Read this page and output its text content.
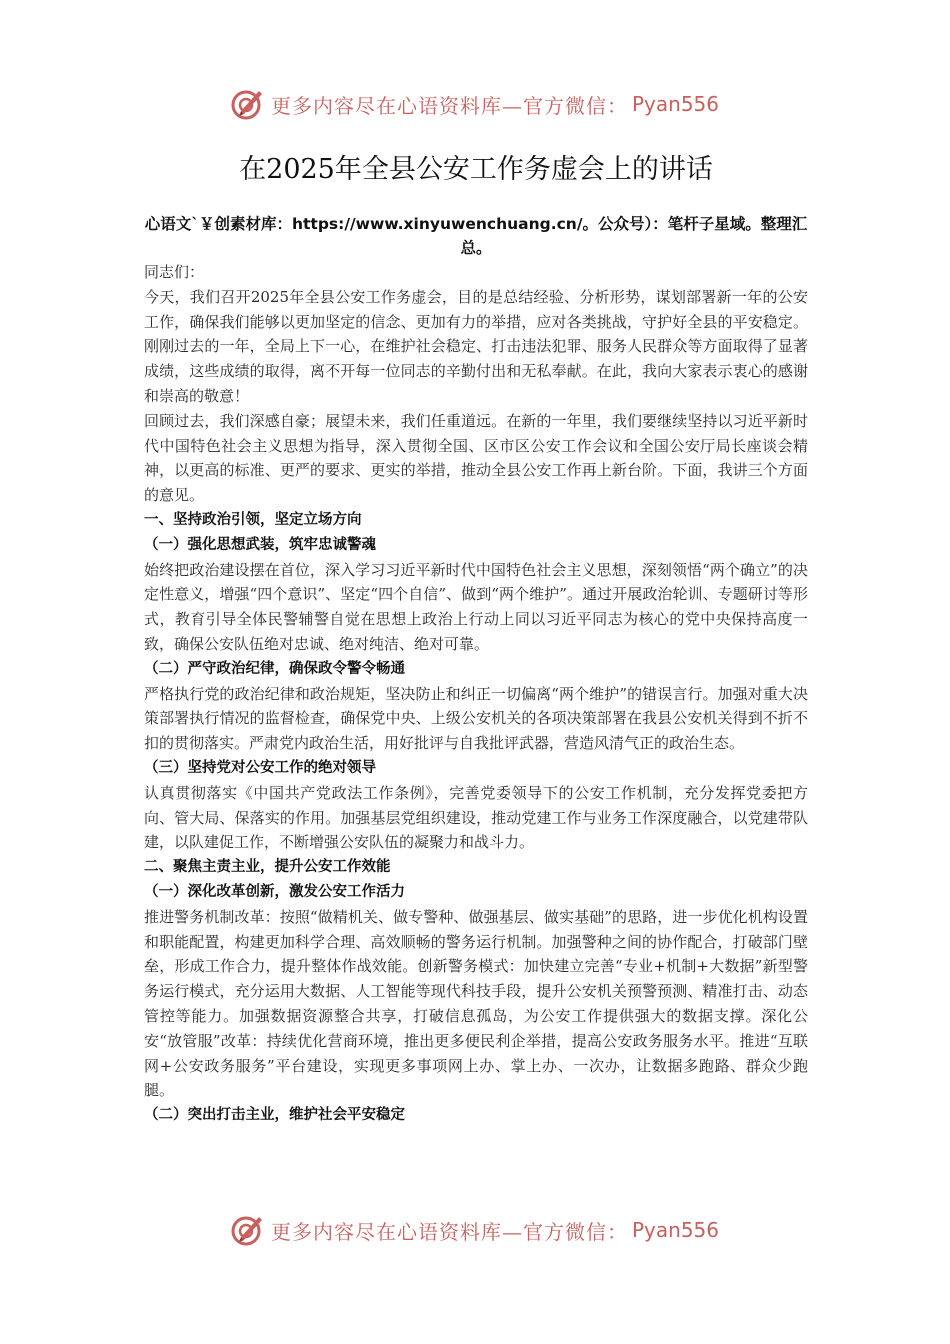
更多内容尽在心语资料库—官方微信： Pyan556
在2025年全县公安工作务虚会上的讲话
心语文`￥创素材库：https://www.xinyuwenchuang.cn/。公众号）：笔杆子星域。整理汇总。

同志们：

今天，我们召开2025年全县公安工作务虚会，目的是总结经验、分析形势，谋划部署新一年的公安工作，确保我们能够以更加坚定的信念、更加有力的举措，应对各类挑战，守护好全县的平安稳定。刚刚过去的一年，全局上下一心，在维护社会稳定、打击违法犯罪、服务人民群众等方面取得了显著成绩，这些成绩的取得，离不开每一位同志的辛勤付出和无私奉献。在此，我向大家表示衷心的感谢和崇高的敬意！

回顾过去，我们深感自豪；展望未来，我们任重道远。在新的一年里，我们要继续坚持以习近平新时代中国特色社会主义思想为指导，深入贯彻全国、区市区公安工作会议和全国公安厅局长座谈会精神，以更高的标准、更严的要求、更实的举措，推动全县公安工作再上新台阶。下面，我讲三个方面的意见。

一、坚持政治引领，坚定立场方向

（一）强化思想武装，筑牢忠诚警魂

始终把政治建设摆在首位，深入学习习近平新时代中国特色社会主义思想，深刻领悟“两个确立”的决定性意义，增强“四个意识”、坚定“四个自信”、做到“两个维护”。通过开展政治轮训、专题研讨等形式，教育引导全体民警辅警自觉在思想上政治上行动上同以习近平同志为核心的党中央保持高度一致，确保公安队伍绝对忠诚、绝对纯洁、绝对可靠。

（二）严守政治纪律，确保政令警令畅通

严格执行党的政治纪律和政治规矩，坚决防止和纠正一切偏离“两个维护”的错误言行。加强对重大决策部署执行情况的监督检查，确保党中央、上级公安机关的各项决策部署在我县公安机关得到不折不扣的贯彻落实。严肃党内政治生活，用好批评与自我批评武器，营造风清气正的政治生态。

（三）坚持党对公安工作的绝对领导

认真贯彻落实《中国共产党政法工作条例》，完善党委领导下的公安工作机制，充分发挥党委把方向、管大局、保落实的作用。加强基层党组织建设，推动党建工作与业务工作深度融合，以党建带队建，以队建促工作，不断增强公安队伍的凝聚力和战斗力。

二、聚焦主责主业，提升公安工作效能

（一）深化改革创新，激发公安工作活力

推进警务机制改革：按照“做精机关、做专警种、做强基层、做实基础”的思路，进一步优化机构设置和职能配置，构建更加科学合理、高效顺畅的警务运行机制。加强警种之间的协作配合，打破部门壁垒，形成工作合力，提升整体作战效能。创新警务模式：加快建立完善“专业+机制+大数据”新型警务运行模式，充分运用大数据、人工智能等现代科技手段，提升公安机关预警预测、精准打击、动态管控等能力。加强数据资源整合共享，打破信息孤岛，为公安工作提供强大的数据支撑。深化公安“放管服”改革：持续优化营商环境，推出更多便民利企举措，提高公安政务服务水平。推进“互联网+公安政务服务”平台建设，实现更多事项网上办、掌上办、一次办，让数据多跑路、群众少跑腿。

（二）突出打击主业，维护社会平安稳定

更多内容尽在心语资料库—官方微信： Pyan556
